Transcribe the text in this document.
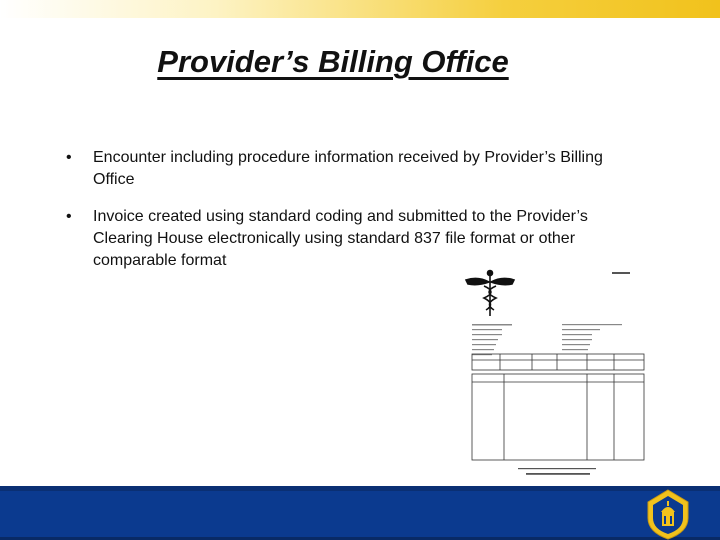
Provider’s Billing Office
• Encounter including procedure information received by Provider’s Billing Office
• Invoice created using standard coding and submitted to the Provider’s Clearing House electronically using standard 837 file format or other comparable format
